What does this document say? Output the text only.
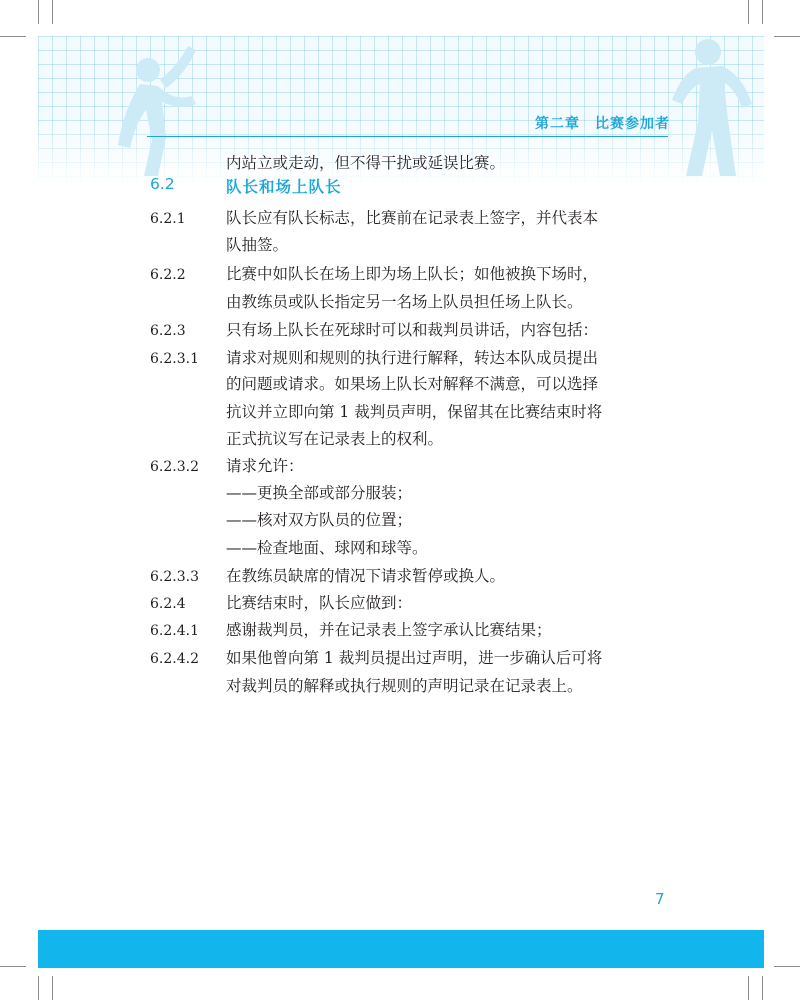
第二章　比赛参加者
6.2	队长和场上队长
内站立或走动，但不得干扰或延误比赛。
6.2.1	队长应有队长标志，比赛前在记录表上签字，并代表本
队抽签。
6.2.2	比赛中如队长在场上即为场上队长；如他被换下场时，
由教练员或队长指定另一名场上队员担任场上队长。
6.2.3	只有场上队长在死球时可以和裁判员讲话，内容包括：
6.2.3.1 请求对规则和规则的执行进行解释，转达本队成员提出
的问题或请求。如果场上队长对解释不满意，可以选择
抗议并立即向第 1 裁判员声明，保留其在比赛结束时将
正式抗议写在记录表上的权利。
6.2.3.2 请求允许：
——更换全部或部分服装；
——核对双方队员的位置；
——检查地面、球网和球等。
6.2.3.3 在教练员缺席的情况下请求暂停或换人。
6.2.4	比赛结束时，队长应做到：
6.2.4.1 感谢裁判员，并在记录表上签字承认比赛结果；
6.2.4.2 如果他曾向第 1 裁判员提出过声明，进一步确认后可将
对裁判员的解释或执行规则的声明记录在记录表上。
7
